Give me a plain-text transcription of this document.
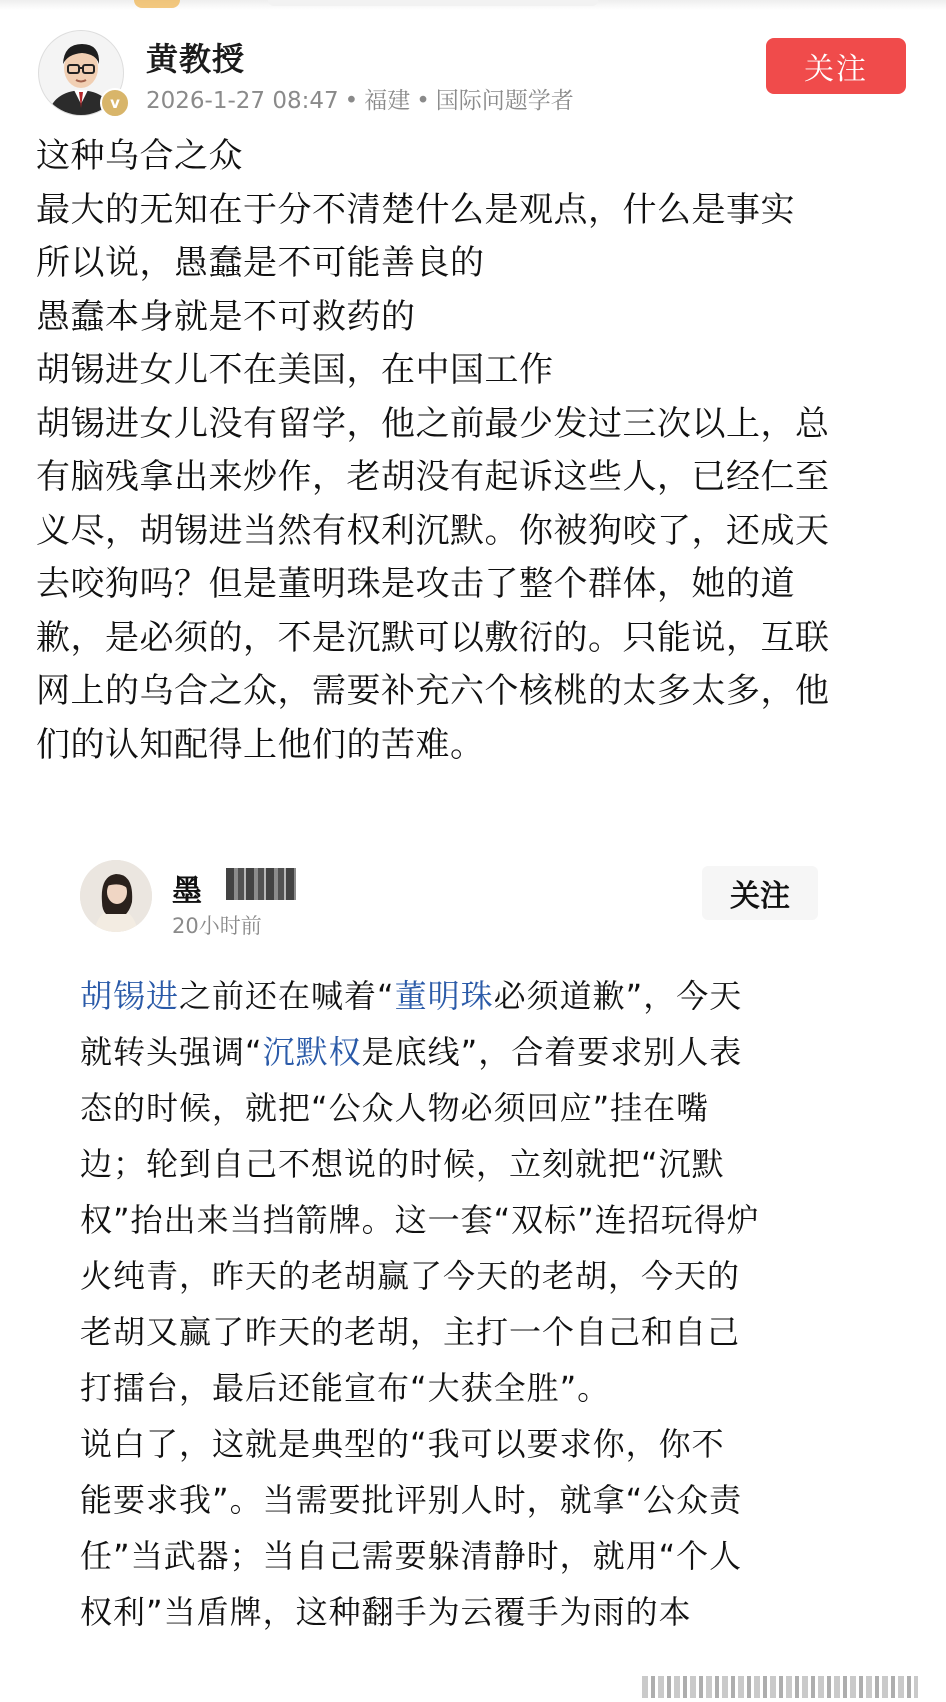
v
黄教授
2026-1-27 08:47 • 福建 • 国际问题学者
关注

这种乌合之众

最大的无知在于分不清楚什么是观点，什么是事实

所以说，愚蠢是不可能善良的

愚蠢本身就是不可救药的

胡锡进女儿不在美国，在中国工作

胡锡进女儿没有留学，他之前最少发过三次以上，总

有脑残拿出来炒作，老胡没有起诉这些人，已经仁至

义尽，胡锡进当然有权利沉默。你被狗咬了，还成天

去咬狗吗？但是董明珠是攻击了整个群体，她的道

歉，是必须的，不是沉默可以敷衍的。只能说，互联

网上的乌合之众，需要补充六个核桃的太多太多，他

们的认知配得上他们的苦难。

墨
20小时前
关注

胡锡进之前还在喊着“董明珠必须道歉”，今天

就转头强调“沉默权是底线”，合着要求别人表

态的时候，就把“公众人物必须回应”挂在嘴

边；轮到自己不想说的时候，立刻就把“沉默

权”抬出来当挡箭牌。这一套“双标”连招玩得炉

火纯青，昨天的老胡赢了今天的老胡，今天的

老胡又赢了昨天的老胡，主打一个自己和自己

打擂台，最后还能宣布“大获全胜”。

说白了，这就是典型的“我可以要求你，你不

能要求我”。当需要批评别人时，就拿“公众责

任”当武器；当自己需要躲清静时，就用“个人

权利”当盾牌，这种翻手为云覆手为雨的本
